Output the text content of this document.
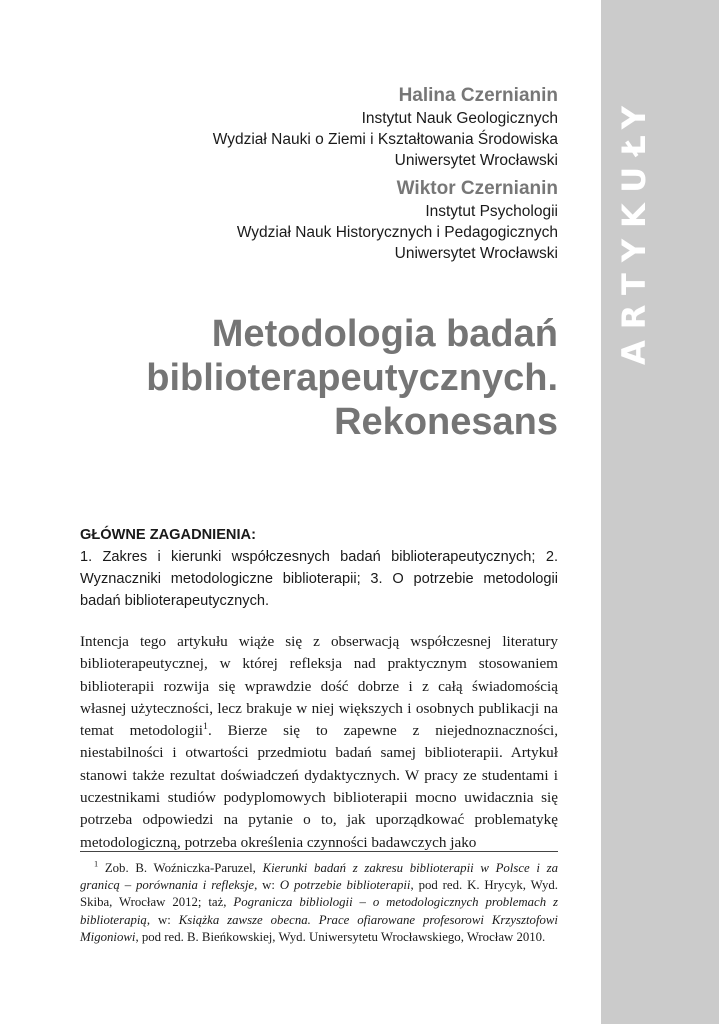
ARTYKUŁY
Halina Czernianin
Instytut Nauk Geologicznych
Wydział Nauki o Ziemi i Kształtowania Środowiska
Uniwersytet Wrocławski
Wiktor Czernianin
Instytut Psychologii
Wydział Nauk Historycznych i Pedagogicznych
Uniwersytet Wrocławski
Metodologia badań
biblioterapeutycznych.
Rekonesans
GŁÓWNE ZAGADNIENIA:
1. Zakres i kierunki współczesnych badań biblioterapeutycznych; 2. Wyznaczniki metodologiczne biblioterapii; 3. O potrzebie metodologii badań biblioterapeutycznych.

Intencja tego artykułu wiąże się z obserwacją współczesnej literatury biblioterapeutycznej, w której refleksja nad praktycznym stosowaniem biblioterapii rozwija się wprawdzie dość dobrze i z całą świadomością własnej użyteczności, lecz brakuje w niej większych i osobnych publikacji na temat metodologii$^1$. Bierze się to zapewne z niejednoznaczności, niestabilności i otwartości przedmiotu badań samej biblioterapii. Artykuł stanowi także rezultat doświadczeń dydaktycznych. W pracy ze studentami i uczestnikami studiów podyplomowych biblioterapii mocno uwidacznia się potrzeba odpowiedzi na pytanie o to, jak uporządkować problematykę metodologiczną, potrzeba określenia czynności badawczych jako

$^1$ Zob. B. Woźniczka-Paruzel, Kierunki badań z zakresu biblioterapii w Polsce i za granicą – porównania i refleksje, w: O potrzebie biblioterapii, pod red. K. Hrycyk, Wyd. Skiba, Wrocław 2012; taż, Pogranicza bibliologii – o metodologicznych problemach z biblioterapią, w: Książka zawsze obecna. Prace ofiarowane profesorowi Krzysztofowi Migoniowi, pod red. B. Bieńkowskiej, Wyd. Uniwersytetu Wrocławskiego, Wrocław 2010.
